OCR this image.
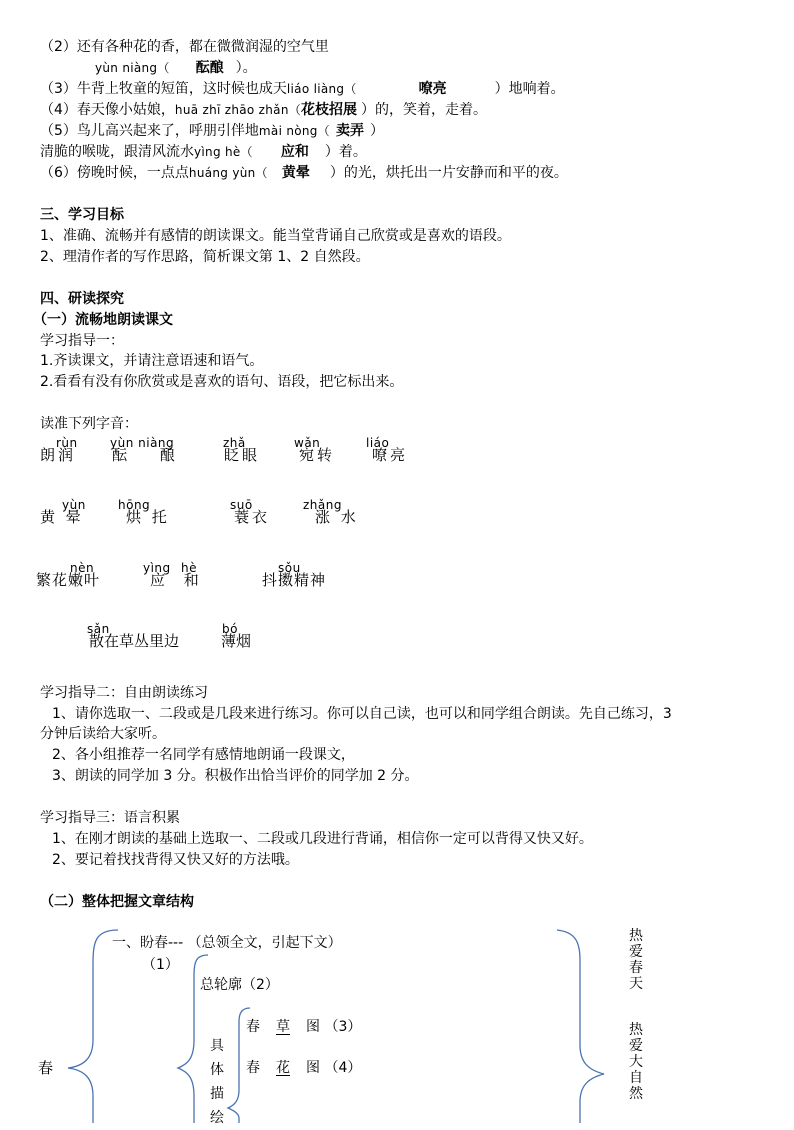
（2）还有各种花的香，都在微微润湿的空气里
yùn niàng（ 酝酿 ）。
（3）牛背上牧童的短笛，这时候也成天liáo liàng（	嘹亮	）地响着。
（4）春天像小姑娘，huā zhī zhāo zhǎn（花枝招展 ）的，笑着，走着。
（5）鸟儿高兴起来了，呼朋引伴地mài nòng（ 卖弄 ）
清脆的喉咙，跟清风流水yìng hè（ 应和 ）着。
（6）傍晚时候，一点点huáng yùn（ 黄晕 ）的光，烘托出一片安静而和平的夜。
三、学习目标
1、准确、流畅并有感情的朗读课文。能当堂背诵自己欣赏或是喜欢的语段。
2、理清作者的写作思路，简析课文第 1、2 自然段。
四、研读探究
（一）流畅地朗读课文
学习指导一：
1.齐读课文，并请注意语速和语气。
2.看看有没有你欣赏或是喜欢的语句、语段，把它标出来。
读准下列字音：
rùn
朗润
yùn niàng
酝 酿
zhǎ
眨眼
wǎn
宛转
liáo
嘹亮
yùn
黄 晕
hōng
烘 托
suō
蓑衣
zhǎng
涨 水
nèn
繁花嫩叶
yìng hè
应 和
sǒu
抖擞精神
sǎn
散在草丛里边
bó
薄烟
学习指导二：自由朗读练习
1、请你选取一、二段或是几段来进行练习。你可以自己读，也可以和同学组合朗读。先自己练习，3
分钟后读给大家听。
2、各小组推荐一名同学有感情地朗诵一段课文，
3、朗读的同学加 3 分。积极作出恰当评价的同学加 2 分。
学习指导三：语言积累
1、在刚才朗读的基础上选取一、二段或几段进行背诵，相信你一定可以背得又快又好。
2、要记着找找背得又快又好的方法哦。
（二）整体把握文章结构
春
一、盼春--- （总领全文，引起下文）
（1）
总轮廓（2）
具体描绘
春 草 图 （3）
春 花 图 （4）
热爱春天
热爱大自然
